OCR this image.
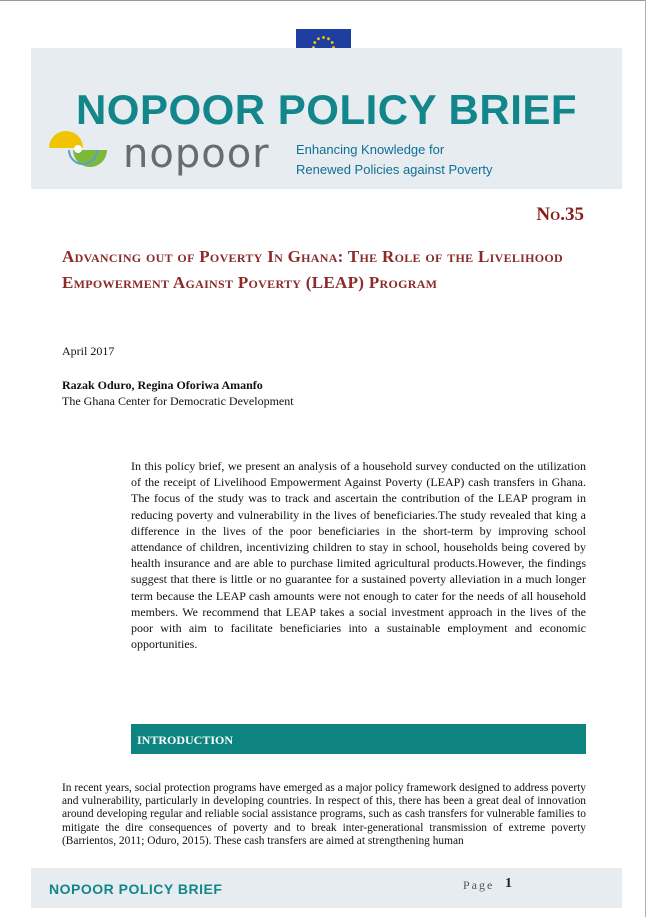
NOPOOR POLICY BRIEF
nopoor Enhancing Knowledge for
Renewed Policies against Poverty
No.35
Advancing out of Poverty In Ghana: The Role of the Livelihood Empowerment Against Poverty (LEAP) Program
April 2017
Razak Oduro, Regina Oforiwa Amanfo
The Ghana Center for Democratic Development
In this policy brief, we present an analysis of a household survey conducted on the utilization of the receipt of Livelihood Empowerment Against Poverty (LEAP) cash transfers in Ghana. The focus of the study was to track and ascertain the contribution of the LEAP program in reducing poverty and vulnerability in the lives of beneficiaries.The study revealed that king a difference in the lives of the poor beneficiaries in the short-term by improving school attendance of children, incentivizing children to stay in school, households being covered by health insurance and are able to purchase limited agricultural products.However, the findings suggest that there is little or no guarantee for a sustained poverty alleviation in a much longer term because the LEAP cash amounts were not enough to cater for the needs of all household members. We recommend that LEAP takes a social investment approach in the lives of the poor with aim to facilitate beneficiaries into a sustainable employment and economic opportunities.
INTRODUCTION
In recent years, social protection programs have emerged as a major policy framework designed to address poverty and vulnerability, particularly in developing countries. In respect of this, there has been a great deal of innovation around developing regular and reliable social assistance programs, such as cash transfers for vulnerable families to mitigate the dire consequences of poverty and to break inter-generational transmission of extreme poverty (Barrientos, 2011; Oduro, 2015). These cash transfers are aimed at strengthening human
NOPOOR POLICY BRIEF	Page 1
